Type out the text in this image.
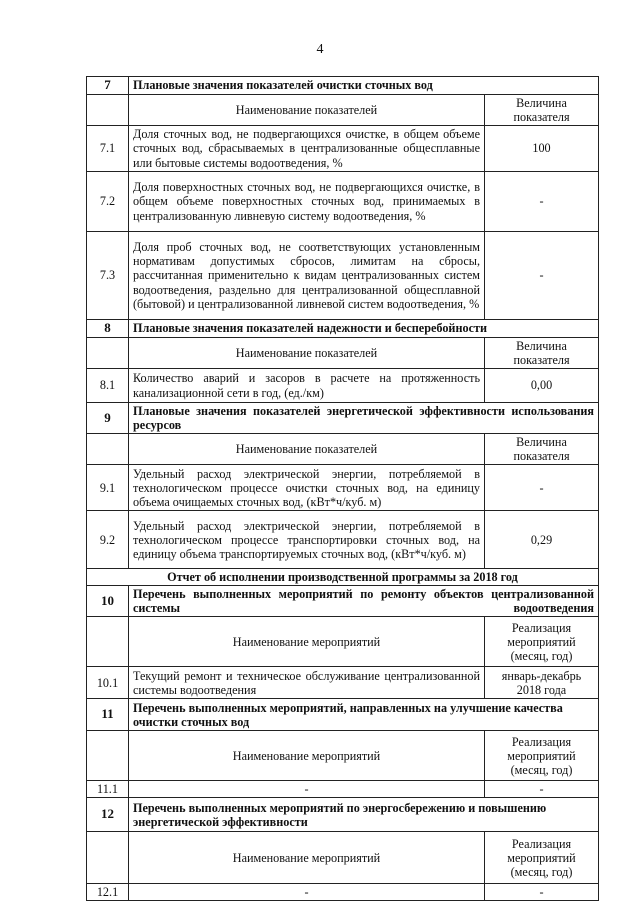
4
7	Плановые значения показателей очистки сточных вод	
	Наименование показателей	Величина показателя
7.1	Доля сточных вод, не подвергающихся очистке, в общем объеме сточных вод, сбрасываемых в централизованные общесплавные или бытовые системы водоотведения, %	100
7.2	Доля поверхностных сточных вод, не подвергающихся очистке, в общем объеме поверхностных сточных вод, принимаемых в централизованную ливневую систему водоотведения, %	-
7.3	Доля проб сточных вод, не соответствующих установленным нормативам допустимых сбросов, лимитам на сбросы, рассчитанная применительно к видам централизованных систем водоотведения, раздельно для централизованной общесплавной (бытовой) и централизованной ливневой систем водоотведения, %	-
8	Плановые значения показателей надежности и бесперебойности	
	Наименование показателей	Величина показателя
8.1	Количество аварий и засоров в расчете на протяженность канализационной сети в год, (ед./км)	0,00
9	Плановые значения показателей энергетической эффективности использования ресурсов	
	Наименование показателей	Величина показателя
9.1	Удельный расход электрической энергии, потребляемой в технологическом процессе очистки сточных вод, на единицу объема очищаемых сточных вод, (кВт*ч/куб. м)	-
9.2	Удельный расход электрической энергии, потребляемой в технологическом процессе транспортировки сточных вод, на единицу объема транспортируемых сточных вод, (кВт*ч/куб. м)	0,29
Отчет об исполнении производственной программы за 2018 год		
10	Перечень выполненных мероприятий по ремонту объектов централизованной системы водоотведения	
	Наименование мероприятий	Реализация мероприятий (месяц, год)
10.1	Текущий ремонт и техническое обслуживание централизованной системы водоотведения	январь-декабрь 2018 года
11	Перечень выполненных мероприятий, направленных на улучшение качества очистки сточных вод	
	Наименование мероприятий	Реализация мероприятий (месяц, год)
11.1	-	-
12	Перечень выполненных мероприятий по энергосбережению и повышению энергетической эффективности	
	Наименование мероприятий	Реализация мероприятий (месяц, год)
12.1	-	-
